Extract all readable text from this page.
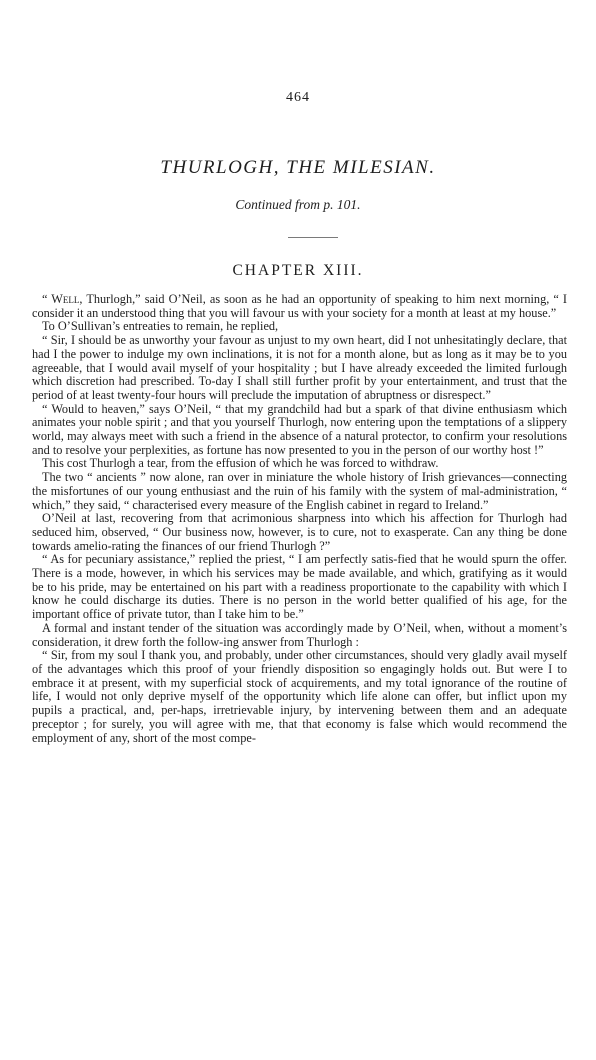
464
THURLOGH, THE MILESIAN.
Continued from p. 101.
CHAPTER XIII.

“ Well, Thurlogh,” said O’Neil, as soon as he had an opportunity of speaking to him next morning, “ I consider it an understood thing that you will favour us with your society for a month at least at my house.”

To O’Sullivan’s entreaties to remain, he replied,

“ Sir, I should be as unworthy your favour as unjust to my own heart, did I not unhesitatingly declare, that had I the power to indulge my own inclinations, it is not for a month alone, but as long as it may be to you agreeable, that I would avail myself of your hospitality ; but I have already exceeded the limited furlough which discretion had prescribed. To-day I shall still further profit by your entertainment, and trust that the period of at least twenty-four hours will preclude the imputation of abruptness or disrespect.”

“ Would to heaven,” says O’Neil, “ that my grandchild had but a spark of that divine enthusiasm which animates your noble spirit ; and that you yourself Thurlogh, now entering upon the temptations of a slippery world, may always meet with such a friend in the absence of a natural protector, to confirm your resolutions and to resolve your perplexities, as fortune has now presented to you in the person of our worthy host !”

This cost Thurlogh a tear, from the effusion of which he was forced to withdraw.

The two “ ancients ” now alone, ran over in miniature the whole history of Irish grievances—connecting the misfortunes of our young enthusiast and the ruin of his family with the system of mal-administration, “ which,” they said, “ characterised every measure of the English cabinet in regard to Ireland.”

O’Neil at last, recovering from that acrimonious sharpness into which his affection for Thurlogh had seduced him, observed, “ Our business now, however, is to cure, not to exasperate. Can any thing be done towards amelio-rating the finances of our friend Thurlogh ?”

“ As for pecuniary assistance,” replied the priest, “ I am perfectly satis-fied that he would spurn the offer. There is a mode, however, in which his services may be made available, and which, gratifying as it would be to his pride, may be entertained on his part with a readiness proportionate to the capability with which I know he could discharge its duties. There is no person in the world better qualified of his age, for the important office of private tutor, than I take him to be.”

A formal and instant tender of the situation was accordingly made by O’Neil, when, without a moment’s consideration, it drew forth the follow-ing answer from Thurlogh :

“ Sir, from my soul I thank you, and probably, under other circumstances, should very gladly avail myself of the advantages which this proof of your friendly disposition so engagingly holds out. But were I to embrace it at present, with my superficial stock of acquirements, and my total ignorance of the routine of life, I would not only deprive myself of the opportunity which life alone can offer, but inflict upon my pupils a practical, and, per-haps, irretrievable injury, by intervening between them and an adequate preceptor ; for surely, you will agree with me, that that economy is false which would recommend the employment of any, short of the most compe-
